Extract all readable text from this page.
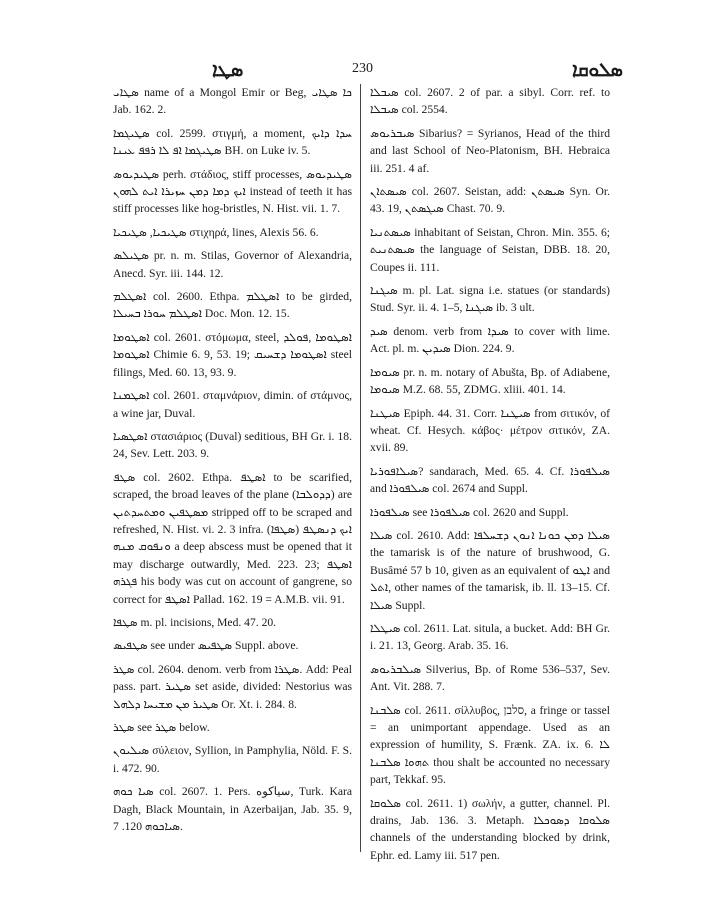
ܣܛܐ	230	ܣܠܘܩܐ

ܣܛܐܝ name of a Mongol Emir or Beg, ܟܐ ܣܛܐܝ Jab. 162. 2.

ܣܛܝܓܡܐ col. 2599. στιγμή, a moment, ܚܕܐ ܕܐܝܟ ܣܛܝܓܡܐ ܐܦ ܠܐ ܪܦܦ ܥܝܢܐ BH. on Luke iv. 5.

ܣܛܝܕܝܘܣ perh. στάδιος, stiff processes, ܣܛܝܕܝܘܣ ܐܝܟ ܕܡܐ ܕܡܢ ܚܙܝܪܐ ܐܝܬ ܠܗܘܢ instead of teeth it has stiff processes like hog-bristles, N. Hist. vii. 1. 7.

ܣܛܝܟܝܐ, ܣܛܝܟܝܐ στιχηρά, lines, Alexis 56. 6.

ܣܛܝܠܣ pr. n. m. Stilas, Governor of Alexandria, Anecd. Syr. iii. 144. 12.

ܐܣܛܠܡ col. 2600. Ethpa. ܐܣܛܠܡ to be girded, ܐܣܛܠܡ ܚܘܪܐ ܒܚܝܠܐ Doc. Mon. 12. 15.

ܐܣܛܘܡܐ col. 2601. στόμωμα, steel, ܐܣܛܘܡܐ ,ܦܘܠܕ ܐܣܛܘܡܐ Chimie 6. 9, 53. 19; ܐܣܛܘܡܐ ܕܫܚܝܩ steel filings, Med. 60. 13, 93. 9.

ܐܣܛܡܢܐ col. 2601. σταμνάριον, dimin. of στάμνος, a wine jar, Duval.

ܐܣܛܣܝܐ στασιάριος (Duval) seditious, BH Gr. i. 18. 24, Sev. Lett. 203. 9.

ܣܛܦ col. 2602. Ethpa. ܐܣܛܦ to be scarified, scraped, the broad leaves of the plane (ܕܕܘܠܒܐ) are ܡܣܛܦܝܢ ܘܡܬܚܕܬܝܢ stripped off to be scraped and refreshed, N. Hist. vi. 2. 3 infra. ܐܝܟ ܕܢܣܛܦ (ܣܛܦܐ) ܘܢܦܘܩ ܡܢܗ a deep abscess must be opened that it may discharge outwardly, Med. 223. 23; ܐܣܛܦ ܦܓܪܗ his body was cut on account of gangrene, so correct for ܐܣܛܦ Pallad. 162. 19 = A.M.B. vii. 91.

ܣܛܦܐ m. pl. incisions, Med. 47. 20.

ܣܛܦܝܣ see under ܣܛܦܝܣ Suppl. above.

ܣܛܪ col. 2604. denom. verb from ܣܛܪܐ. Add: Peal pass. part. ܣܛܝܪ set aside, divided: Nestorius was ܣܛܝܪ ܡܢ ܡܫܝܚܐ ܕܠܗܠ Or. Xt. i. 284. 8.

ܣܛܪ see ܣܛܪ below.

ܣܝܠܝܘܢ σύλειον, Syllion, in Pamphylia, Nöld. F. S. i. 472. 90.

ܣܝܐ ܟܘܗ col. 2607. 1. Pers. سیاكوه, Turk. Kara Dagh, Black Mountain, in Azerbaijan, Jab. 35. 9, ܣܝܐܟܘܗ 120. 7.

ܣܝܒܠܐ col. 2607. 2 of par. a sibyl. Corr. ref. to ܣܝܒܠܐ col. 2554.

ܣܝܒܪܝܘܣ Sibarius? = Syrianos, Head of the third and last School of Neo-Platonism, BH. Hebraica iii. 251. 4 af.

ܣܝܣܬܐܢ col. 2607. Seistan, add: ܣܝܣܬܢ Syn. Or. 43. 19, ܣܝܓܣܬܢ Chast. 70. 9.

ܣܝܣܬܢܝܐ inhabitant of Seistan, Chron. Min. 355. 6; ܣܝܣܬܢܝܬ the language of Seistan, DBB. 18. 20, Coupes ii. 111.

ܣܝܓܢܐ m. pl. Lat. signa i.e. statues (or standards) Stud. Syr. ii. 4. 1–5, ܣܝܓܢܐ ib. 3 ult.

ܣܝܕ denom. verb from ܣܝܕܐ to cover with lime. Act. pl. m. ܣܝܕܝܢ Dion. 224. 9.

ܣܝܘܡܐ pr. n. m. notary of Abušta, Bp. of Adiabene, ܣܝܘܡܐ M.Z. 68. 55, ZDMG. xliii. 401. 14.

ܣܝܛܢܐ Epiph. 44. 31. Corr. ܣܝܛܢܐ from σιτικόν, of wheat. Cf. Hesych. κάβος· μέτρον σιτικόν, ZA. xvii. 89.

ܣܝܠܐܦܘܪܝܐ? sandarach, Med. 65. 4. Cf. ܣܝܠܦܘܪܐ and ܣܝܠܦܘܪܐ col. 2674 and Suppl.

ܣܝܠܦܘܪܐ see ܣܝܠܦܘܪܐ col. 2620 and Suppl.

ܣܝܠܐ col. 2610. Add: ܣܝܠܐ ܕܡܢ ܟܘܢܐ ܐܢܘܢ ܕܫܚܠܦܐ the tamarisk is of the nature of brushwood, G. Busâmé 57 b 10, given as an equivalent of ܐܛܘ and ܐܬܠ, other names of the tamarisk, ib. ll. 13–15. Cf. ܣܝܠܐ Suppl.

ܣܝܛܠܐ col. 2611. Lat. situla, a bucket. Add: BH Gr. i. 21. 13, Georg. Arab. 35. 16.

ܣܝܠܒܪܝܘܣ Silverius, Bp. of Rome 536–537, Sev. Ant. Vit. 288. 7.

ܣܠܒܢܐ col. 2611. σίλλυβος, סלבן, a fringe or tassel = an unimportant appendage. Used as an expression of humility, S. Frænk. ZA. ix. 6. ܠܐ ܬܗܘܐ ܣܠܒܢܐ thou shalt be accounted no necessary part, Tekkaf. 95.

ܣܠܘܩܐ col. 2611. 1) σωλήν, a gutter, channel. Pl. drains, Jab. 136. 3. Metaph. ܣܠܘܩܐ ܕܣܘܟܠܐ channels of the understanding blocked by drink, Ephr. ed. Lamy iii. 517 pen.
